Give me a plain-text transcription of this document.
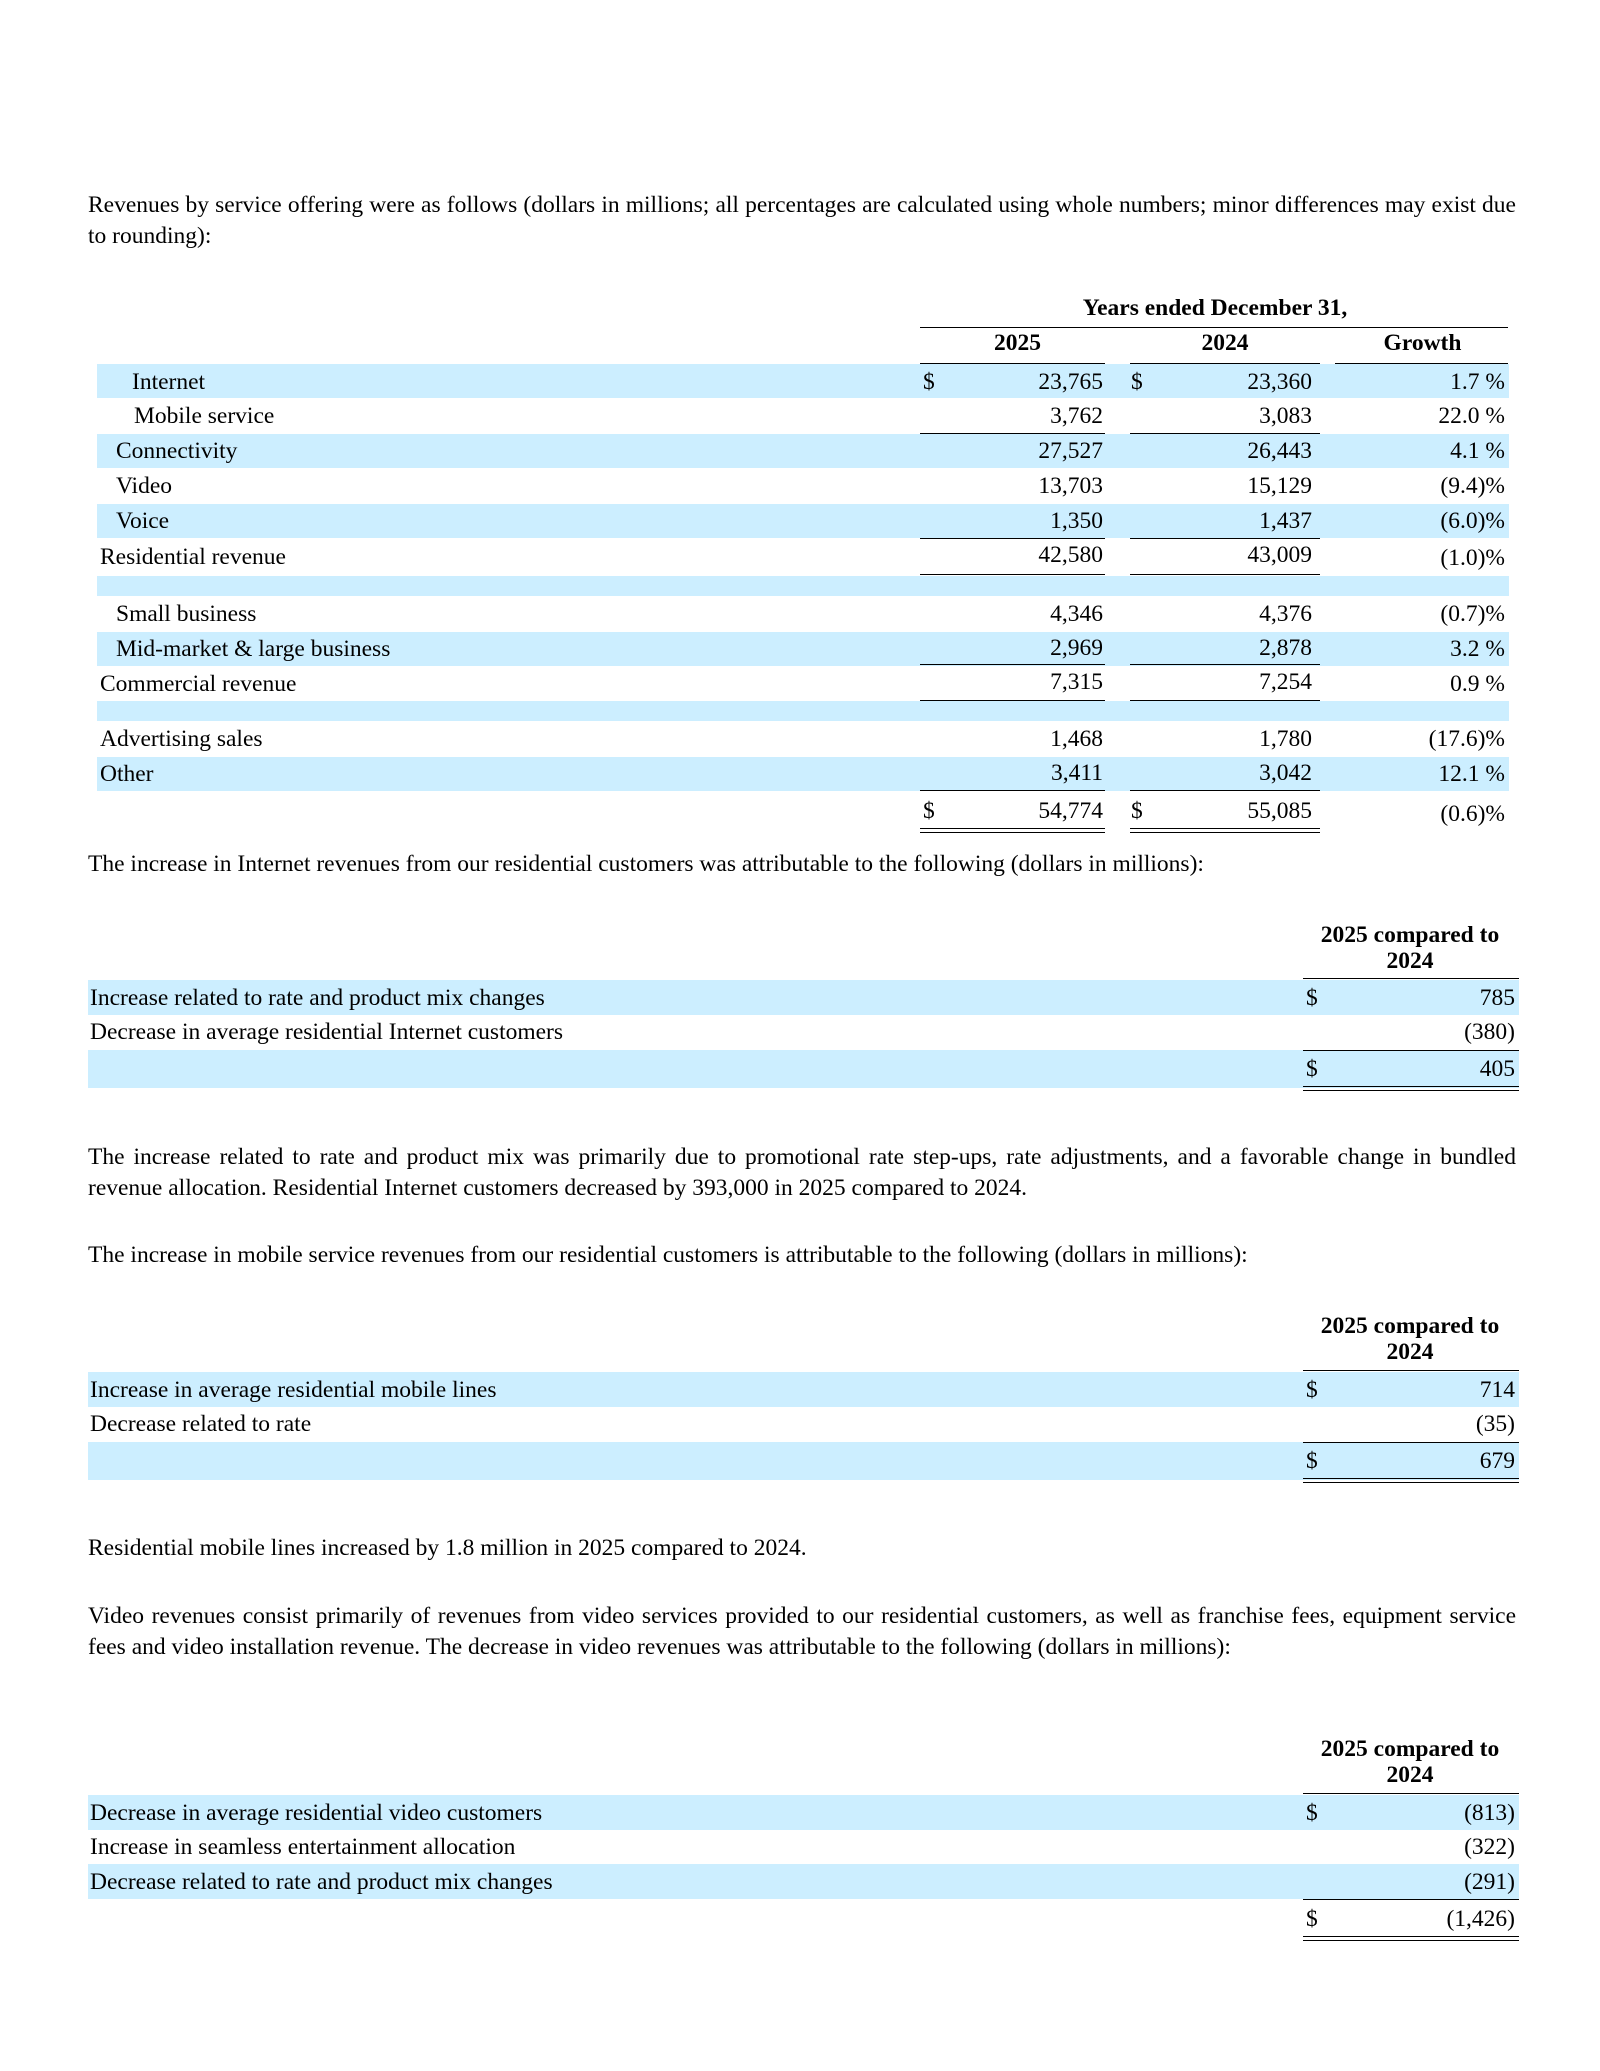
Revenues by service offering were as follows (dollars in millions; all percentages are calculated using whole numbers; minor differences may exist due to rounding):
Years ended December 31,
2025	2024	Growth
Internet	$	23,765 $	23,360	1.7 %
Mobile service	3,762	3,083	22.0 %
Connectivity	27,527	26,443	4.1 %
Video	13,703	15,129	(9.4)%
Voice	1,350	1,437	(6.0)%
Residential revenue	42,580	43,009	(1.0)%
Small business	4,346	4,376	(0.7)%
Mid-market & large business	2,969	2,878	3.2 %
Commercial revenue	7,315	7,254	0.9 %
Advertising sales	1,468	1,780	(17.6)%
Other	3,411	3,042	12.1 %
$	54,774 $	55,085	(0.6)%
The increase in Internet revenues from our residential customers was attributable to the following (dollars in millions):
2025 compared to
2024
Increase related to rate and product mix changes	$	785
Decrease in average residential Internet customers	(380)
$	405
The increase related to rate and product mix was primarily due to promotional rate step-ups, rate adjustments, and a favorable change in bundled revenue allocation. Residential Internet customers decreased by 393,000 in 2025 compared to 2024.
The increase in mobile service revenues from our residential customers is attributable to the following (dollars in millions):
2025 compared to
2024
Increase in average residential mobile lines	$	714
Decrease related to rate	(35)
$	679
Residential mobile lines increased by 1.8 million in 2025 compared to 2024.
Video revenues consist primarily of revenues from video services provided to our residential customers, as well as franchise fees, equipment service fees and video installation revenue. The decrease in video revenues was attributable to the following (dollars in millions):
2025 compared to
2024
Decrease in average residential video customers	$	(813)
Increase in seamless entertainment allocation	(322)
Decrease related to rate and product mix changes	(291)
$	(1,426)
